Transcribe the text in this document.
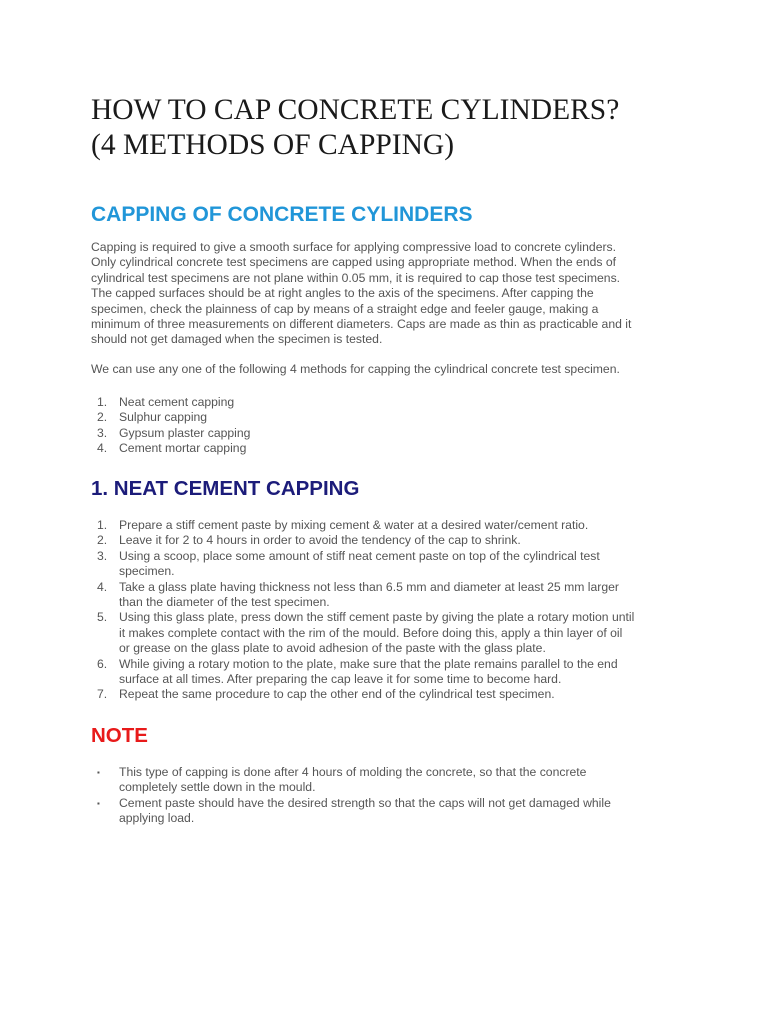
HOW TO CAP CONCRETE CYLINDERS?
(4 METHODS OF CAPPING)
CAPPING OF CONCRETE CYLINDERS

Capping is required to give a smooth surface for applying compressive load to concrete cylinders.
Only cylindrical concrete test specimens are capped using appropriate method. When the ends of
cylindrical test specimens are not plane within 0.05 mm, it is required to cap those test specimens.
The capped surfaces should be at right angles to the axis of the specimens. After capping the
specimen, check the plainness of cap by means of a straight edge and feeler gauge, making a
minimum of three measurements on different diameters. Caps are made as thin as practicable and it
should not get damaged when the specimen is tested.

We can use any one of the following 4 methods for capping the cylindrical concrete test specimen.

1. Neat cement capping
2. Sulphur capping
3. Gypsum plaster capping
4. Cement mortar capping
1. NEAT CEMENT CAPPING
1. Prepare a stiff cement paste by mixing cement & water at a desired water/cement ratio.
2. Leave it for 2 to 4 hours in order to avoid the tendency of the cap to shrink.
3. Using a scoop, place some amount of stiff neat cement paste on top of the cylindrical test
specimen.
4. Take a glass plate having thickness not less than 6.5 mm and diameter at least 25 mm larger
than the diameter of the test specimen.
5. Using this glass plate, press down the stiff cement paste by giving the plate a rotary motion until
it makes complete contact with the rim of the mould. Before doing this, apply a thin layer of oil
or grease on the glass plate to avoid adhesion of the paste with the glass plate.
6. While giving a rotary motion to the plate, make sure that the plate remains parallel to the end
surface at all times. After preparing the cap leave it for some time to become hard.
7. Repeat the same procedure to cap the other end of the cylindrical test specimen.
NOTE
▪ This type of capping is done after 4 hours of molding the concrete, so that the concrete
completely settle down in the mould.
▪ Cement paste should have the desired strength so that the caps will not get damaged while
applying load.
